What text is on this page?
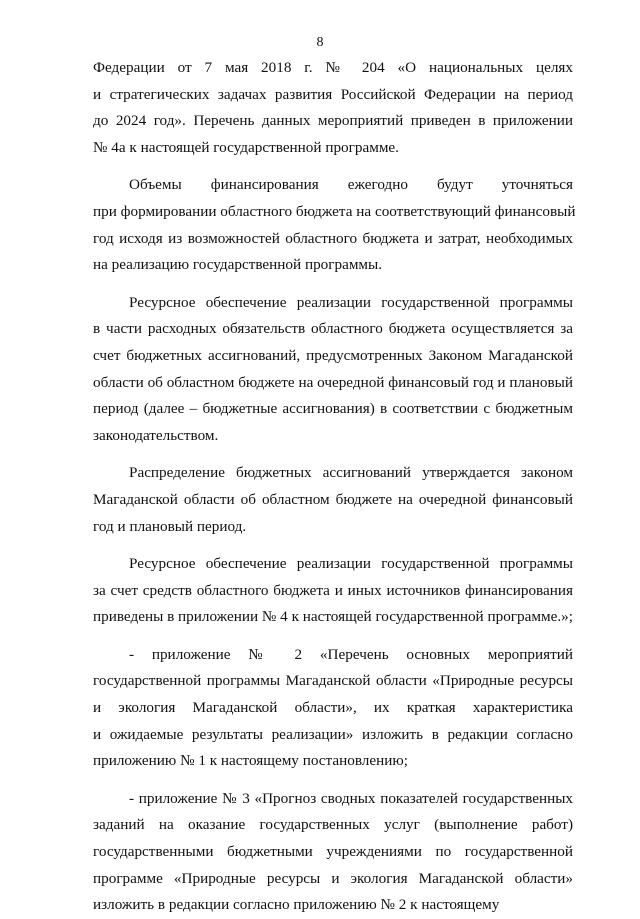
8
Федерации от 7 мая 2018 г. № 204 «О национальных целях
и стратегических задачах развития Российской Федерации на период
до 2024 год». Перечень данных мероприятий приведен в приложении
№ 4а к настоящей государственной программе.
Объемы финансирования ежегодно будут уточняться
при формировании областного бюджета на соответствующий финансовый
год исходя из возможностей областного бюджета и затрат, необходимых
на реализацию государственной программы.
Ресурсное обеспечение реализации государственной программы
в части расходных обязательств областного бюджета осуществляется за
счет бюджетных ассигнований, предусмотренных Законом Магаданской
области об областном бюджете на очередной финансовый год и плановый
период (далее – бюджетные ассигнования) в соответствии с бюджетным
законодательством.
Распределение бюджетных ассигнований утверждается законом
Магаданской области об областном бюджете на очередной финансовый
год и плановый период.
Ресурсное обеспечение реализации государственной программы
за счет средств областного бюджета и иных источников финансирования
приведены в приложении № 4 к настоящей государственной программе.»;
- приложение № 2 «Перечень основных мероприятий
государственной программы Магаданской области «Природные ресурсы
и экология Магаданской области», их краткая характеристика
и ожидаемые результаты реализации» изложить в редакции согласно
приложению № 1 к настоящему постановлению;
- приложение № 3 «Прогноз сводных показателей государственных
заданий на оказание государственных услуг (выполнение работ)
государственными бюджетными учреждениями по государственной
программе «Природные ресурсы и экология Магаданской области»
изложить в редакции согласно приложению № 2 к настоящему
